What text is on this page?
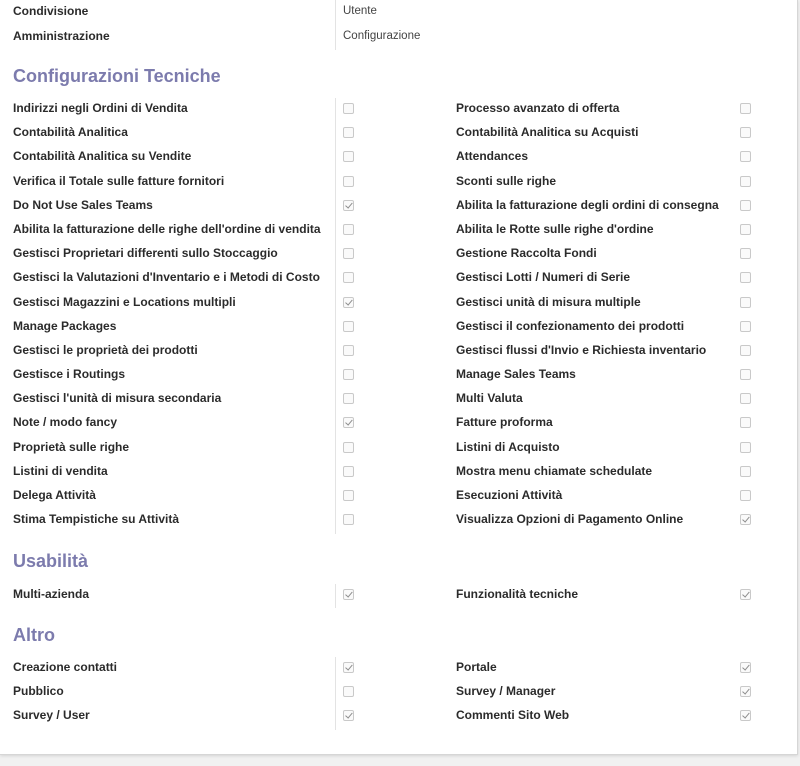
Condivisione	Utente
Amministrazione	Configurazione
Configurazioni Tecniche
Indirizzi negli Ordini di Vendita	Processo avanzato di offerta
Contabilità Analitica	Contabilità Analitica su Acquisti
Contabilità Analitica su Vendite	Attendances
Verifica il Totale sulle fatture fornitori	Sconti sulle righe
Do Not Use Sales Teams	Abilita la fatturazione degli ordini di consegna
Abilita la fatturazione delle righe dell'ordine di vendita	Abilita le Rotte sulle righe d'ordine
Gestisci Proprietari differenti sullo Stoccaggio	Gestione Raccolta Fondi
Gestisci la Valutazioni d'Inventario e i Metodi di Costo	Gestisci Lotti / Numeri di Serie
Gestisci Magazzini e Locations multipli	Gestisci unità di misura multiple
Manage Packages	Gestisci il confezionamento dei prodotti
Gestisci le proprietà dei prodotti	Gestisci flussi d'Invio e Richiesta inventario
Gestisce i Routings	Manage Sales Teams
Gestisci l'unità di misura secondaria	Multi Valuta
Note / modo fancy	Fatture proforma
Proprietà sulle righe	Listini di Acquisto
Listini di vendita	Mostra menu chiamate schedulate
Delega Attività	Esecuzioni Attività
Stima Tempistiche su Attività	Visualizza Opzioni di Pagamento Online
Usabilità
Multi-azienda	Funzionalità tecniche
Altro
Creazione contatti	Portale
Pubblico	Survey / Manager
Survey / User	Commenti Sito Web
